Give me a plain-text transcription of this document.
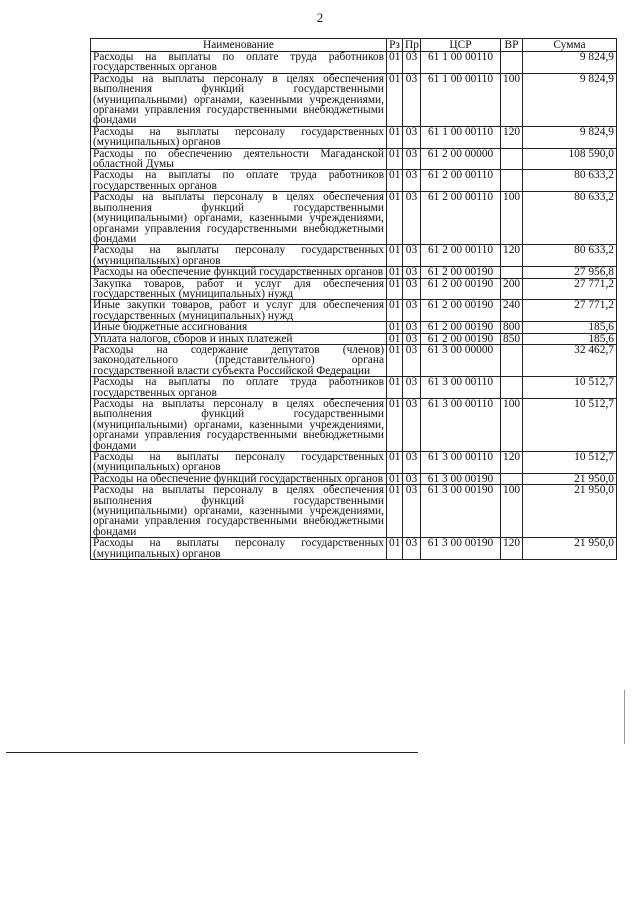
2
Наименование	Рз	Пр	ЦСР	ВР	Сумма
Расходы на выплаты по оплате труда работников государственных органов	01	03	61 1 00 00110		9 824,9
Расходы на выплаты персоналу в целях обеспечения выполнения функций государственными (муниципальными) органами, казенными учреждениями, органами управления государственными внебюджетными фондами	01	03	61 1 00 00110	100	9 824,9
Расходы на выплаты персоналу государственных (муниципальных) органов	01	03	61 1 00 00110	120	9 824,9
Расходы по обеспечению деятельности Магаданской областной Думы	01	03	61 2 00 00000		108 590,0
Расходы на выплаты по оплате труда работников государственных органов	01	03	61 2 00 00110		80 633,2
Расходы на выплаты персоналу в целях обеспечения выполнения функций государственными (муниципальными) органами, казенными учреждениями, органами управления государственными внебюджетными фондами	01	03	61 2 00 00110	100	80 633,2
Расходы на выплаты персоналу государственных (муниципальных) органов	01	03	61 2 00 00110	120	80 633,2
Расходы на обеспечение функций государственных органов	01	03	61 2 00 00190		27 956,8
Закупка товаров, работ и услуг для обеспечения государственных (муниципальных) нужд	01	03	61 2 00 00190	200	27 771,2
Иные закупки товаров, работ и услуг для обеспечения государственных (муниципальных) нужд	01	03	61 2 00 00190	240	27 771,2
Иные бюджетные ассигнования	01	03	61 2 00 00190	800	185,6
Уплата налогов, сборов и иных платежей	01	03	61 2 00 00190	850	185,6
Расходы на содержание депутатов (членов) законодательного (представительного) органа государственной власти субъекта Российской Федерации	01	03	61 3 00 00000		32 462,7
Расходы на выплаты по оплате труда работников государственных органов	01	03	61 3 00 00110		10 512,7
Расходы на выплаты персоналу в целях обеспечения выполнения функций государственными (муниципальными) органами, казенными учреждениями, органами управления государственными внебюджетными фондами	01	03	61 3 00 00110	100	10 512,7
Расходы на выплаты персоналу государственных (муниципальных) органов	01	03	61 3 00 00110	120	10 512,7
Расходы на обеспечение функций государственных органов	01	03	61 3 00 00190		21 950,0
Расходы на выплаты персоналу в целях обеспечения выполнения функций государственными (муниципальными) органами, казенными учреждениями, органами управления государственными внебюджетными фондами	01	03	61 3 00 00190	100	21 950,0
Расходы на выплаты персоналу государственных (муниципальных) органов	01	03	61 3 00 00190	120	21 950,0
